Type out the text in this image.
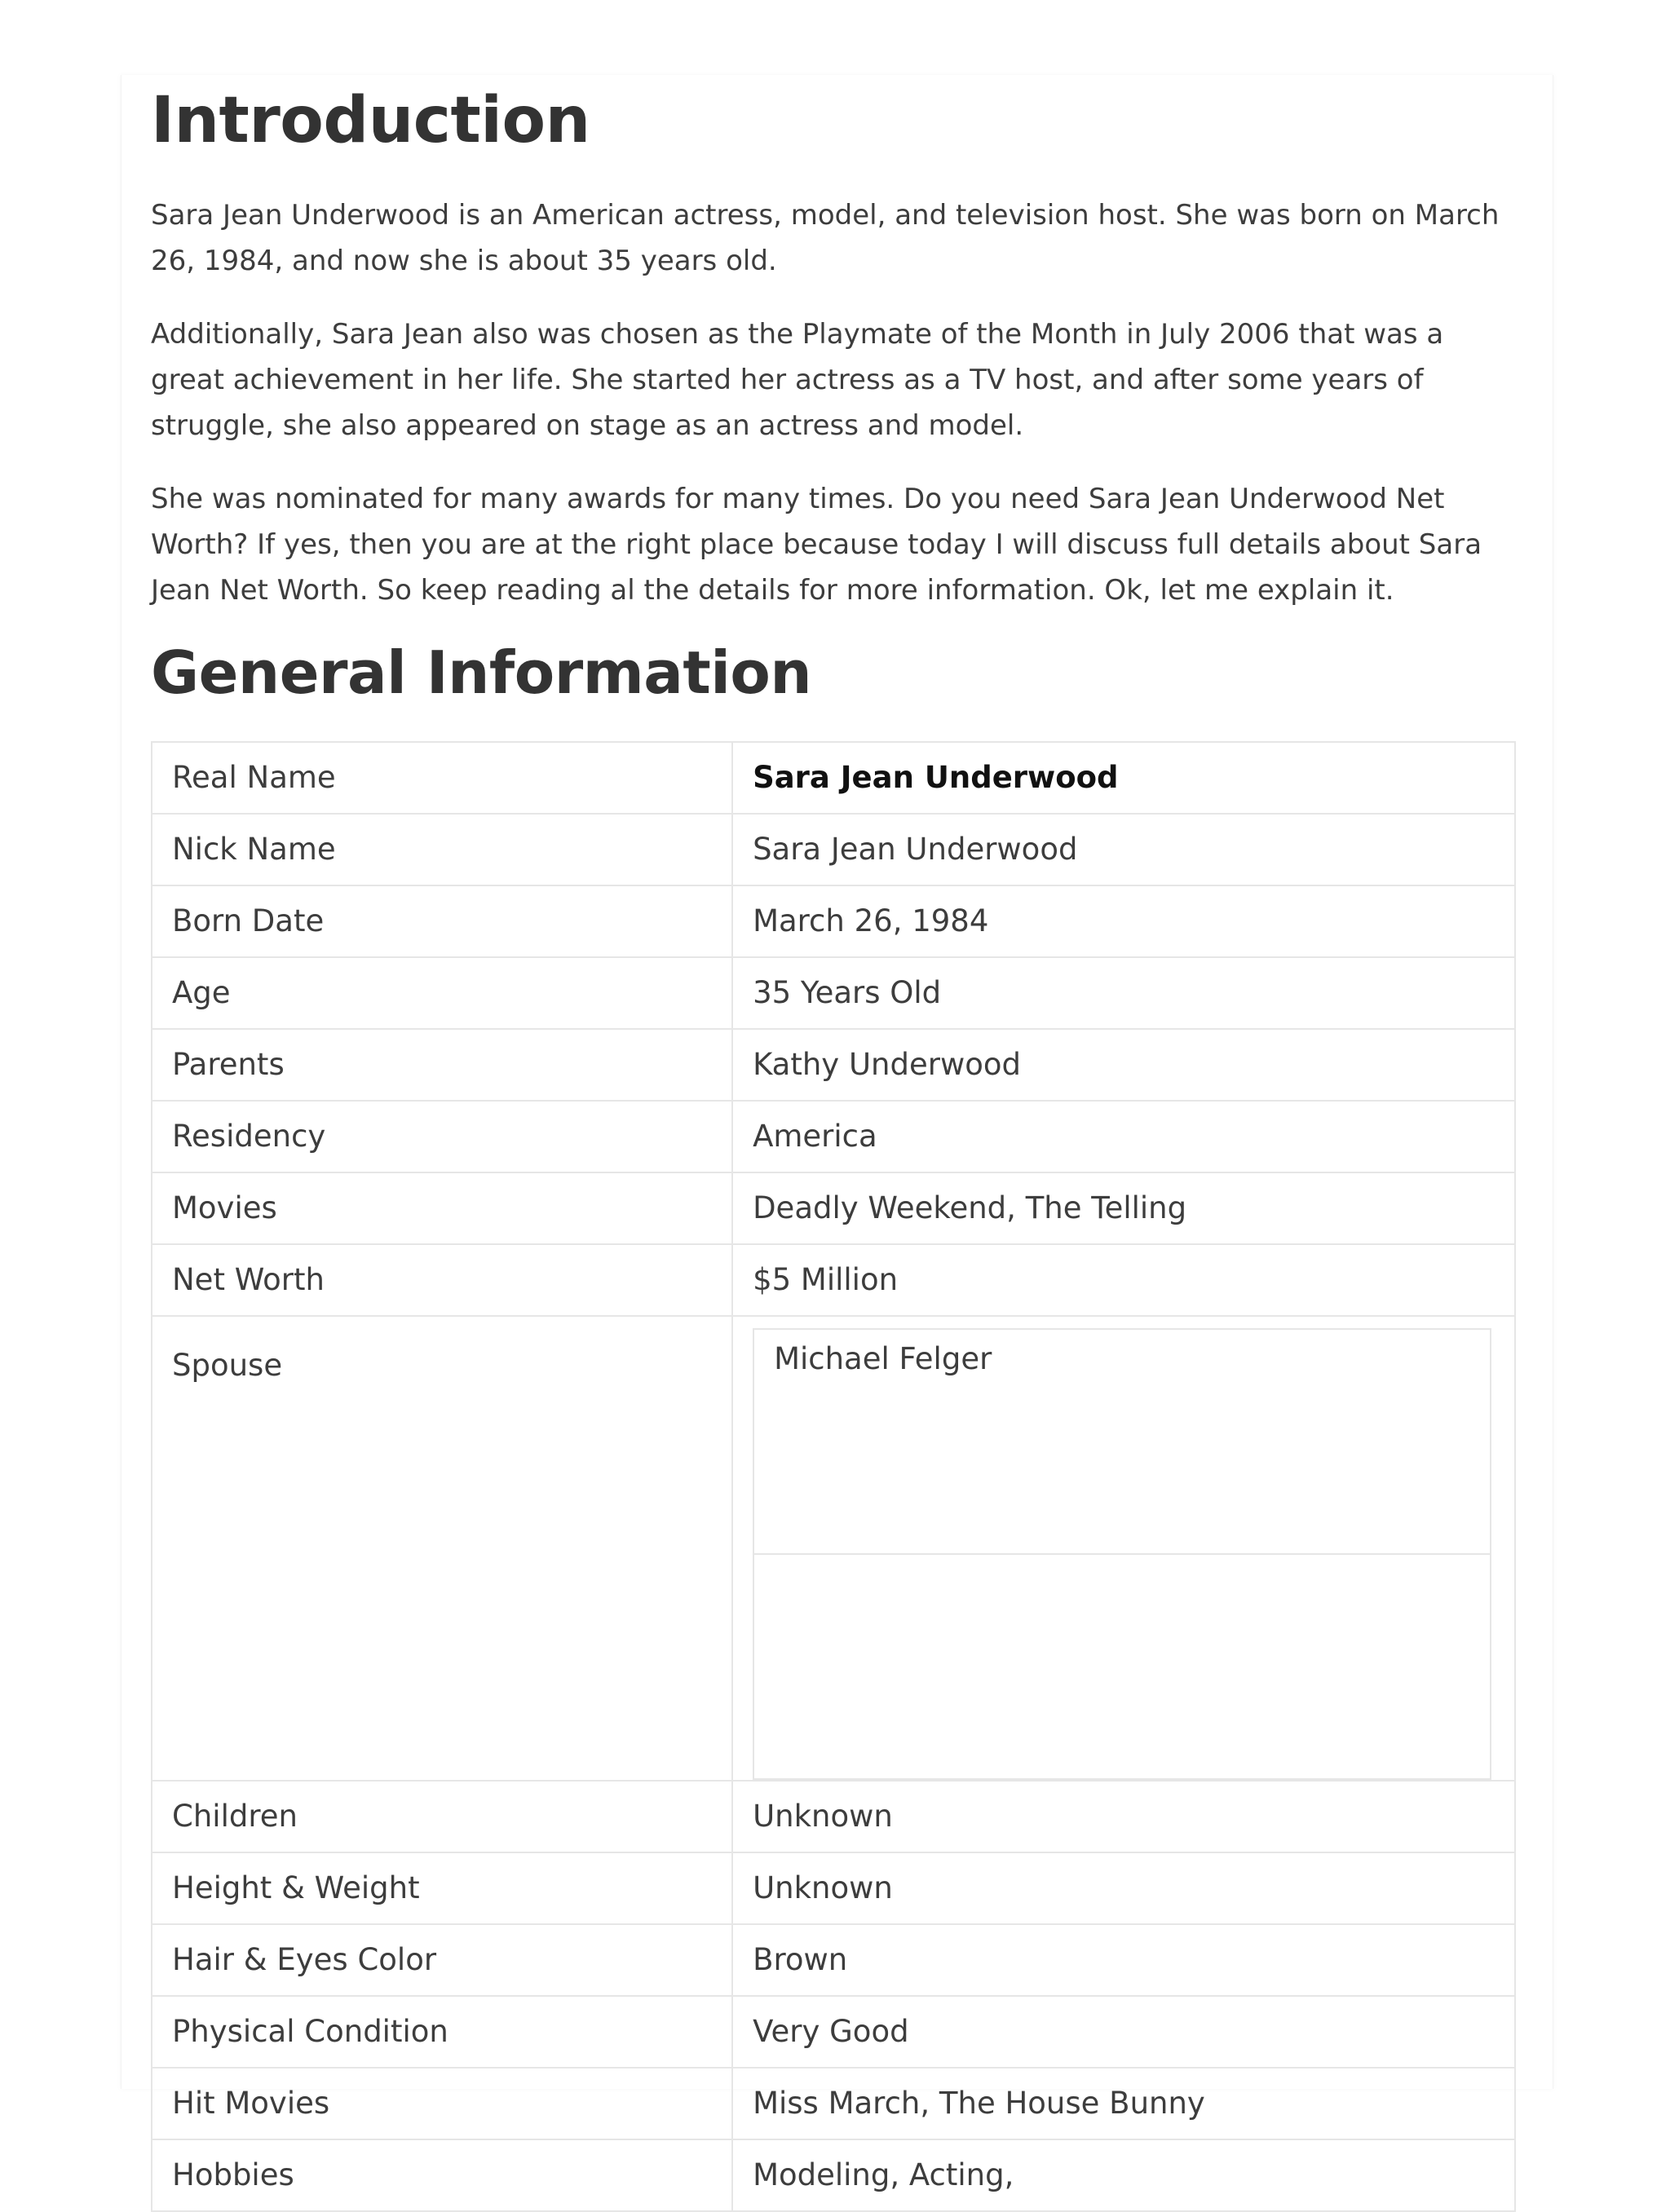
Introduction

Sara Jean Underwood is an American actress, model, and television host. She was born on March 26, 1984, and now she is about 35 years old.

Additionally, Sara Jean also was chosen as the Playmate of the Month in July 2006 that was a great achievement in her life. She started her actress as a TV host, and after some years of struggle, she also appeared on stage as an actress and model.

She was nominated for many awards for many times. Do you need Sara Jean Underwood Net Worth? If yes, then you are at the right place because today I will discuss full details about Sara Jean Net Worth. So keep reading al the details for more information. Ok, let me explain it.

General Information
Real Name	Sara Jean Underwood
Nick Name	Sara Jean Underwood
Born Date	March 26, 1984
Age	35 Years Old
Parents	Kathy Underwood
Residency	America
Movies	Deadly Weekend, The Telling
Net Worth	$5 Million
Spouse		Michael Felger

Children	Unknown
Height & Weight	Unknown
Hair & Eyes Color	Brown
Physical Condition	Very Good
Hit Movies	Miss March, The House Bunny
Hobbies	Modeling, Acting,
